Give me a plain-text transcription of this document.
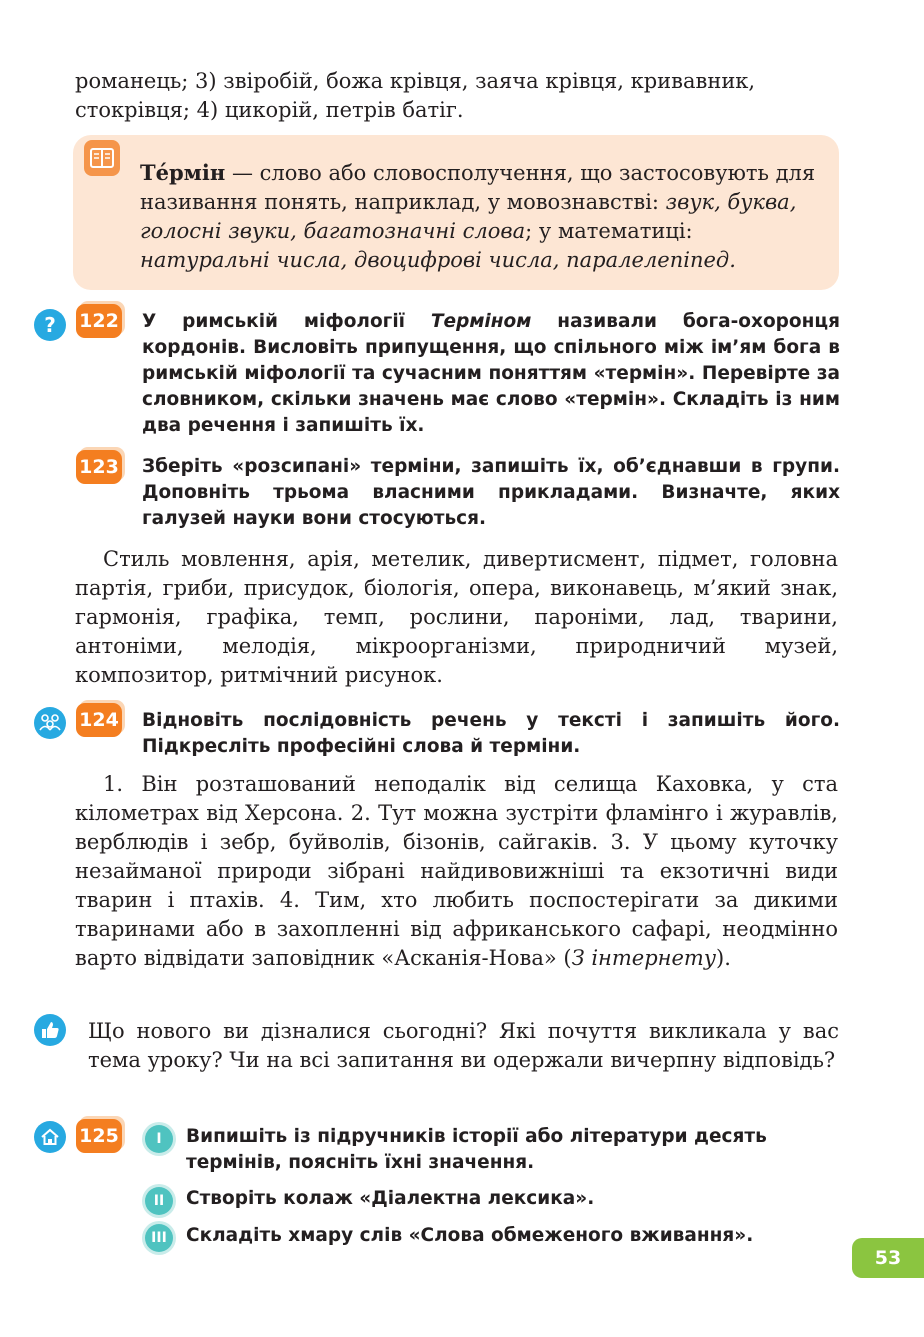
романець; 3) звіробій, божа крівця, заяча крівця, кривавник,
стокрівця; 4) цикорій, петрів батіг.
Те́рмін — слово або словосполучення, що застосовують для називання понять, наприклад, у мовознавстві: звук, буква, голосні звуки, багатозначні слова; у математиці: натуральні числа, двоцифрові числа, паралелепіпед.
?	122 У римській міфології Терміном називали бога-охоронця кордонів. Висловіть припущення, що спільного між ім’ям бога в римській міфології та сучасним поняттям «термін». Перевірте за словником, скільки значень має слово «термін». Складіть із ним два речення і запишіть їх.
123 Зберіть «розсипані» терміни, запишіть їх, об’єднавши в групи. Доповніть трьома власними прикладами. Визначте, яких галузей науки вони стосуються.
Стиль мовлення, арія, метелик, дивертисмент, підмет, головна партія, гриби, присудок, біологія, опера, виконавець, м’який знак, гармонія, графіка, темп, рослини, пароніми, лад, тварини, антоніми, мелодія, мікроорганізми, природничий музей, композитор, ритмічний рисунок.
124 Відновіть послідовність речень у тексті і запишіть його. Підкресліть професійні слова й терміни.
1. Він розташований неподалік від селища Каховка, у ста кілометрах від Херсона. 2. Тут можна зустріти фламінго і журавлів, верблюдів і зебр, буйволів, бізонів, сайгаків. 3. У цьому куточку незайманої природи зібрані найдивовижніші та екзотичні види тварин і птахів. 4. Тим, хто любить поспостерігати за дикими тваринами або в захопленні від африканського сафарі, неодмінно варто відвідати заповідник «Асканія-Нова» (З інтернету).
Що нового ви дізналися сьогодні? Які почуття викликала у вас тема уроку? Чи на всі запитання ви одержали вичерпну відповідь?
125	I	Випишіть із підручників історії або літератури десять термінів, поясніть їхні значення.
II	Створіть колаж «Діалектна лексика».
III	Складіть хмару слів «Слова обмеженого вживання».
53
